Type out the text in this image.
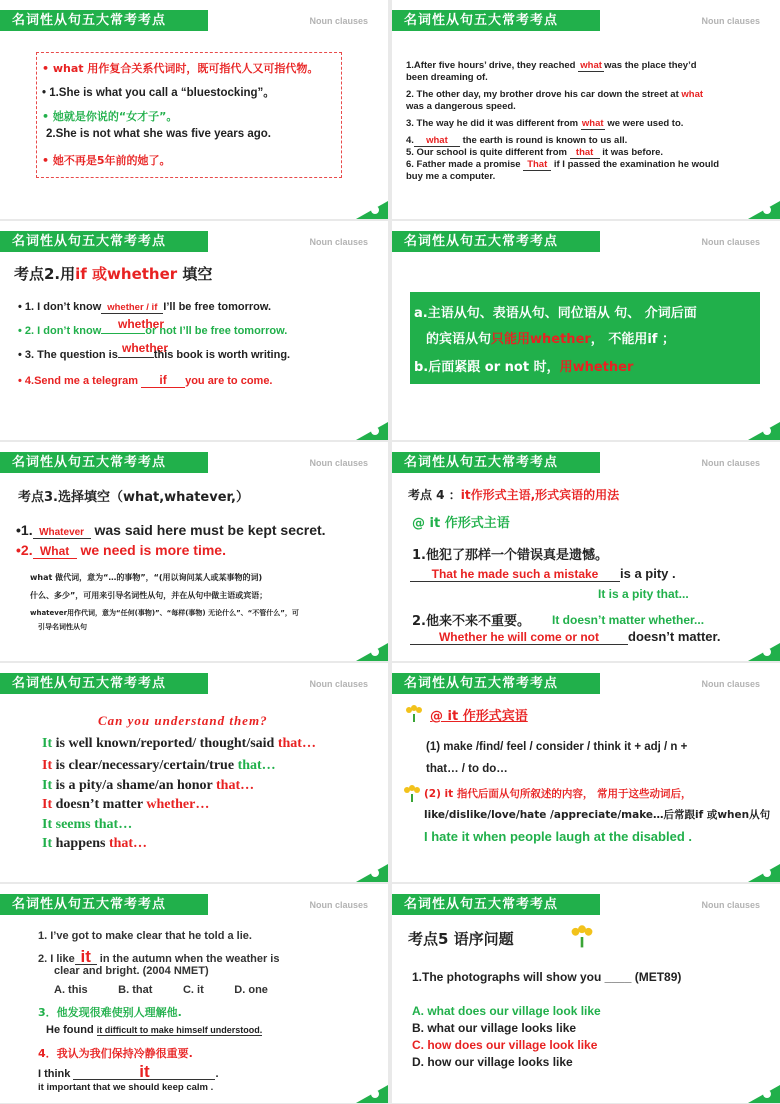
名词性从句五大常考考点	Noun clauses
• what 用作复合关系代词时，既可指代人又可指代物。
• 1.She is what you call a “bluestocking”。
• 她就是你说的“女才子”。
2.She is not what she was five years ago.
• 她不再是5年前的她了。
名词性从句五大常考考点	Noun clauses
1.After five hours’ drive, they reached what was the place they’d
been dreaming of.
2. The other day, my brother drove his car down the street at what
was a dangerous speed.
3. The way he did it was different from what we were used to.
4. what the earth is round is known to us all.
5. Our school is quite different from that it was before.
6. Father made a promise That if I passed the examination he would
buy me a computer.
名词性从句五大常考考点	Noun clauses
考点2.用if 或whether 填空
• 1. I don’t know whether / if I’ll be free tomorrow.
whether
• 2. I don’t know	or not I’ll be free tomorrow.
whether
• 3. The question is	this book is worth writing.
• 4.Send me a telegram if you are to come.
名词性从句五大常考考点	Noun clauses
a.主语从句、表语从句、同位语从 句、 介词后面
的宾语从句只能用whether， 不能用if ；
b.后面紧跟 or not 时，用whether
名词性从句五大常考考点	Noun clauses
考点3.选择填空（what,whatever,）
•1. Whatever was said here must be kept secret.
•2. What we need is more time.
what 做代词，意为“…的事物”，“(用以询问某人或某事物的词)
什么、多少”，可用来引导名词性从句，并在从句中做主语或宾语；
whatever用作代词，意为“任何(事物)”、“每样(事物) 无论什么”、“不管什么”，可
引导名词性从句
名词性从句五大常考考点	Noun clauses
考点 4 ：it作形式主语,形式宾语的用法
@ it 作形式主语
1.他犯了那样一个错误真是遗憾。
That he made such a mistake is a pity .
It is a pity that...
2.他来不来不重要。 It doesn’t matter whether...
Whether he will come or not doesn’t matter.
名词性从句五大常考考点	Noun clauses
Can you understand them?
It is well known/reported/ thought/said that…
It is clear/necessary/certain/true that…
It is a pity/a shame/an honor that…
It doesn’t matter whether…
It seems that…
It happens that…
名词性从句五大常考考点	Noun clauses
@ it 作形式宾语
(1) make /find/ feel / consider / think it + adj / n +
that… / to do…
(2) it 指代后面从句所叙述的内容， 常用于这些动词后，
like/dislike/love/hate /appreciate/make…后常跟if 或when从句
I hate it when people laugh at the disabled .
名词性从句五大常考考点	Noun clauses
1. I’ve got to make clear that he told a lie.
2. I like it in the autumn when the weather is
clear and bright. (2004 NMET)
A. this          B. that          C. it          D. one
3．他发现很难使别人理解他.
He found it difficult to make himself understood.
4．我认为我们保持冷静很重要.
I think	it	.
it important that we should keep calm .
名词性从句五大常考考点	Noun clauses
考点5 语序问题
1.The photographs will show you ____ (MET89)
A. what does our village look like
B. what our village looks like
C. how does our village look like
D. how our village looks like
